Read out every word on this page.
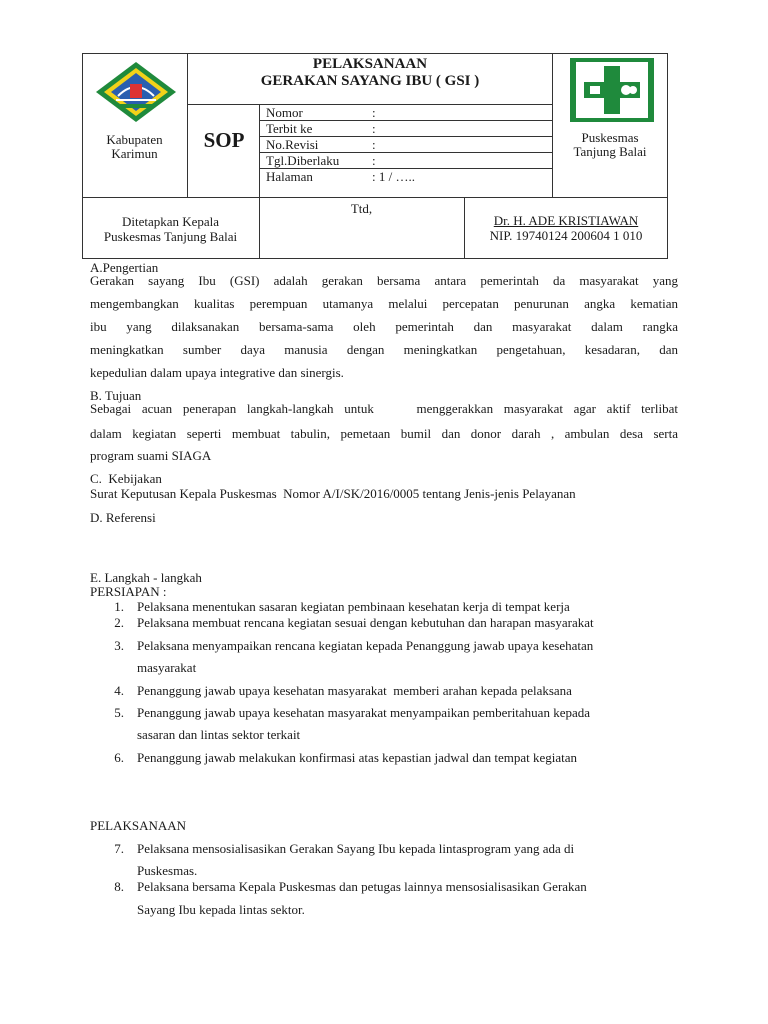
Kabupaten
Karimun
PELAKSANAAN
GERAKAN SAYANG IBU ( GSI )
SOP
Nomor	:
Terbit ke	:
No.Revisi	:
Tgl.Diberlaku	:
Halaman	: 1 / …..
Puskesmas
Tanjung Balai
Ditetapkan Kepala
Puskesmas Tanjung Balai
Ttd,
Dr. H. ADE KRISTIAWAN
NIP. 19740124 200604 1 010
A.Pengertian
Gerakan sayang Ibu (GSI) adalah gerakan bersama antara pemerintah da masyarakat yang
mengembangkan kualitas perempuan utamanya melalui percepatan penurunan angka kematian
ibu yang dilaksanakan bersama-sama oleh pemerintah dan masyarakat dalam rangka
meningkatkan sumber daya manusia dengan meningkatkan pengetahuan, kesadaran, dan
kepedulian dalam upaya integrative dan sinergis.
B. Tujuan
Sebagai acuan penerapan langkah-langkah untuk    menggerakkan masyarakat agar aktif terlibat
dalam kegiatan seperti membuat tabulin, pemetaan bumil dan donor darah , ambulan desa serta
program suami SIAGA
C.  Kebijakan
Surat Keputusan Kepala Puskesmas  Nomor A/I/SK/2016/0005 tentang Jenis-jenis Pelayanan
D. Referensi
E. Langkah - langkah
PERSIAPAN :
1. Pelaksana menentukan sasaran kegiatan pembinaan kesehatan kerja di tempat kerja
2. Pelaksana membuat rencana kegiatan sesuai dengan kebutuhan dan harapan masyarakat
3. Pelaksana menyampaikan rencana kegiatan kepada Penanggung jawab upaya kesehatan
masyarakat
4. Penanggung jawab upaya kesehatan masyarakat  memberi arahan kepada pelaksana
5. Penanggung jawab upaya kesehatan masyarakat menyampaikan pemberitahuan kepada
sasaran dan lintas sektor terkait
6. Penanggung jawab melakukan konfirmasi atas kepastian jadwal dan tempat kegiatan
PELAKSANAAN
7. Pelaksana mensosialisasikan Gerakan Sayang Ibu kepada lintasprogram yang ada di
Puskesmas.
8. Pelaksana bersama Kepala Puskesmas dan petugas lainnya mensosialisasikan Gerakan
Sayang Ibu kepada lintas sektor.
